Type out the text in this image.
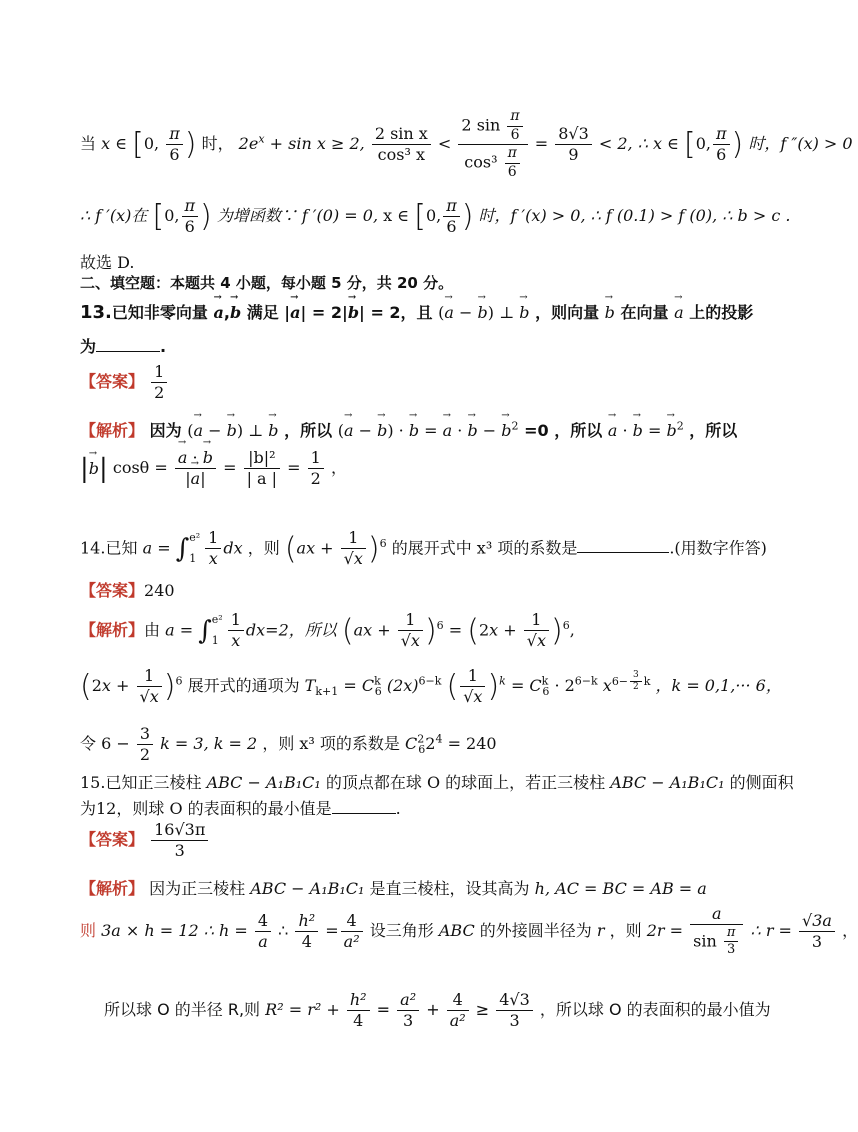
当 x ∈ [0, $\frac{\pi}{6}$ ) 时， $2e^x + \sin x \ge 2$, $\frac{\text{2 sin x}}{\text{cos³ x}} < \frac{2 \sin \frac{\pi}{6}}{\cos^3 \frac{\pi}{6}} = \frac{8√3}{9} < 2$, ∴ x ∈ [0, $\frac{\pi}{6}$ ) 时，f ″(x) > 0
∴ f ′(x)在 [0, $\frac{\pi}{6}$ ) 为增函数∵ f ′(0) = 0, x ∈ [0, $\frac{\pi}{6}$ ) 时，f ′(x) > 0, ∴ f (0.1) > f (0), ∴ b > c .
故选 D.
二、填空题：本题共 4 小题，每小题 5 分，共 20 分。
13.已知非零向量 → a,→ b 满足 |→ a| = 2|→ b| = 2，且 (→ a − → b) ⊥ → b ，则向量 → b 在向量 → a 上的投影
为	.
【答案】 $\frac{1}{2}$
【解析】 因为 (→ a − → b) ⊥ → b ，所以 (→ a − → b) · → b = → a · → b − → $b^2 =0$ ，所以 → a · → b = → $b^2$ ，所以
|→ b| cosθ = → $\frac{a \cdot \to b}{|\to a|} = \frac{\text{|b|²}}{| a |} = \frac{1}{2}$ ，
14.已知 a = ∫e²
$1 \frac{1}{x}$ dx ，则 $(ax + \frac{1}{√x} )^6$ 的展开式中 x³ 项的系数是	.(用数字作答)
【答案】240
【解析】由 a = ∫e²
$1 \frac{1}{x} dx=2$，所以 $(ax + \frac{1}{√x} )^6 = (2x + \frac{1}{√x} )^6$,
$(2x + \frac{1}{√x} )^6$ 展开式的通项为 $T_{k+1} = C^k_6$ $(2x)^{6-k}$ ( $\frac{1}{√x} )^k = C^k_6 \cdot 2^{6-k}$ $x^{6- \frac{3}{2} k}$ ，k = 0,1,··· 6，
令 $6 - \frac{3}{2}$ k = 3, k = 2 ，则 x³ 项的系数是 $C^2_62^4 = 240$
15.已知正三棱柱 ABC − A₁B₁C₁ 的顶点都在球 O 的球面上，若正三棱柱 ABC − A₁B₁C₁ 的侧面积
为12，则球 O 的表面积的最小值是	.
【答案】 $\frac{16√3\pi}{3}$
【解析】 因为正三棱柱 ABC − A₁B₁C₁ 是直三棱柱，设其高为 h, AC = BC = AB = a
则 3a × h = 12 ∴ $h = \frac{4}{a}$ ∴ $\frac{\text{h²}}{4} = \frac{4}{\text{a²}}$ 设三角形 ABC 的外接圆半径为 r ，则 $2r = \frac{a}{\sin \frac{\pi}{3}}$ ∴ $r = \frac{√3a}{3}$ ，
所以球 O 的半径 R,则 $R^2 = r^2 + \frac{\text{h²}}{4} = \frac{\text{a²}}{3} + \frac{4}{\text{a²}} \ge \frac{4√3}{3}$ ，所以球 O 的表面积的最小值为
